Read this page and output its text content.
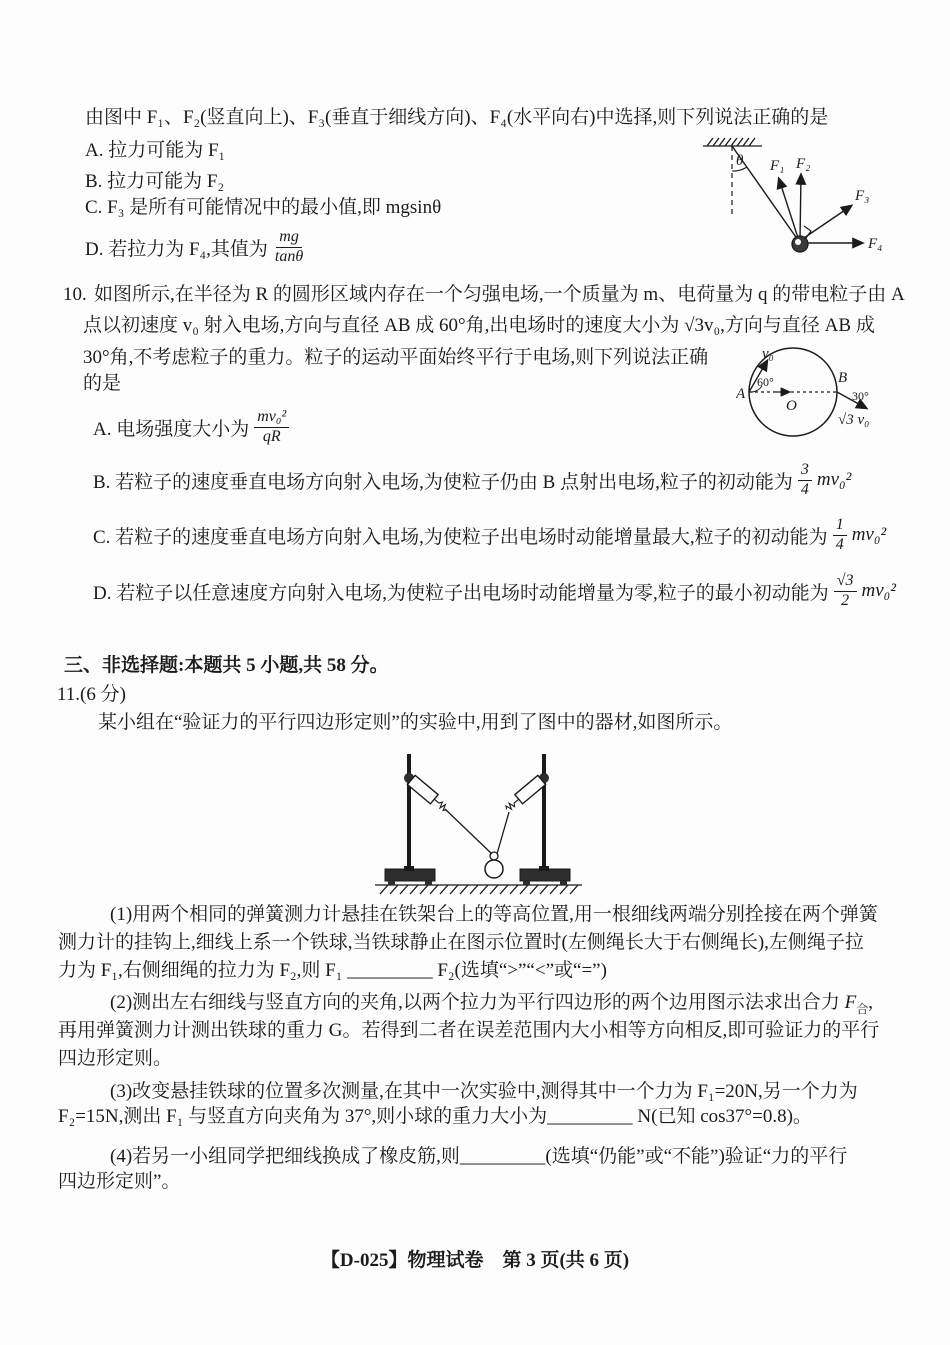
由图中 F₁、F₂(竖直向上)、F₃(垂直于细线方向)、F₄(水平向右)中选择,则下列说法正确的是
A. 拉力可能为 F₁
B. 拉力可能为 F₂
C. F₃ 是所有可能情况中的最小值,即 mgsinθ
D. 若拉力为 F₄,其值为 $\frac{mg}{\tan\theta}$
θ F₁ F₂
F₃
F₄
10. 如图所示,在半径为 R 的圆形区域内存在一个匀强电场,一个质量为 m、电荷量为 q 的带电粒子由 A
点以初速度 v₀ 射入电场,方向与直径 AB 成 60°角,出电场时的速度大小为 √3v₀,方向与直径 AB 成
30°角,不考虑粒子的重力。粒子的运动平面始终平行于电场,则下列说法正确
的是	A
B
O
v₀
60°
30°
√3 v₀
A. 电场强度大小为 $\frac{\text{mv₀²}}{qR}$
B. 若粒子的速度垂直电场方向射入电场,为使粒子仍由 B 点射出电场,粒子的初动能为 $\frac{3}{4} mv_0^2$
C. 若粒子的速度垂直电场方向射入电场,为使粒子出电场时动能增量最大,粒子的初动能为 $\frac{1}{4} mv_0^2$
D. 若粒子以任意速度方向射入电场,为使粒子出电场时动能增量为零,粒子的最小初动能为 $\frac{√3}{2} mv_0^2$
三、非选择题:本题共 5 小题,共 58 分。
11.(6 分)
某小组在“验证力的平行四边形定则”的实验中,用到了图中的器材,如图所示。
(1)用两个相同的弹簧测力计悬挂在铁架台上的等高位置,用一根细线两端分别拴接在两个弹簧
测力计的挂钩上,细线上系一个铁球,当铁球静止在图示位置时(左侧绳长大于右侧绳长),左侧绳子拉
力为 F₁,右侧细绳的拉力为 F₂,则 F₁ _________ F₂(选填“>”“<”或“=”)
(2)测出左右细线与竖直方向的夹角,以两个拉力为平行四边形的两个边用图示法求出合力 $F_合$,
再用弹簧测力计测出铁球的重力 G。若得到二者在误差范围内大小相等方向相反,即可验证力的平行
四边形定则。
(3)改变悬挂铁球的位置多次测量,在其中一次实验中,测得其中一个力为 F₁=20N,另一个力为
F₂=15N,测出 F₁ 与竖直方向夹角为 37°,则小球的重力大小为_________ N(已知 cos37°=0.8)。
(4)若另一小组同学把细线换成了橡皮筋,则_________(选填“仍能”或“不能”)验证“力的平行
四边形定则”。
【D-025】物理试卷　第 3 页(共 6 页)
